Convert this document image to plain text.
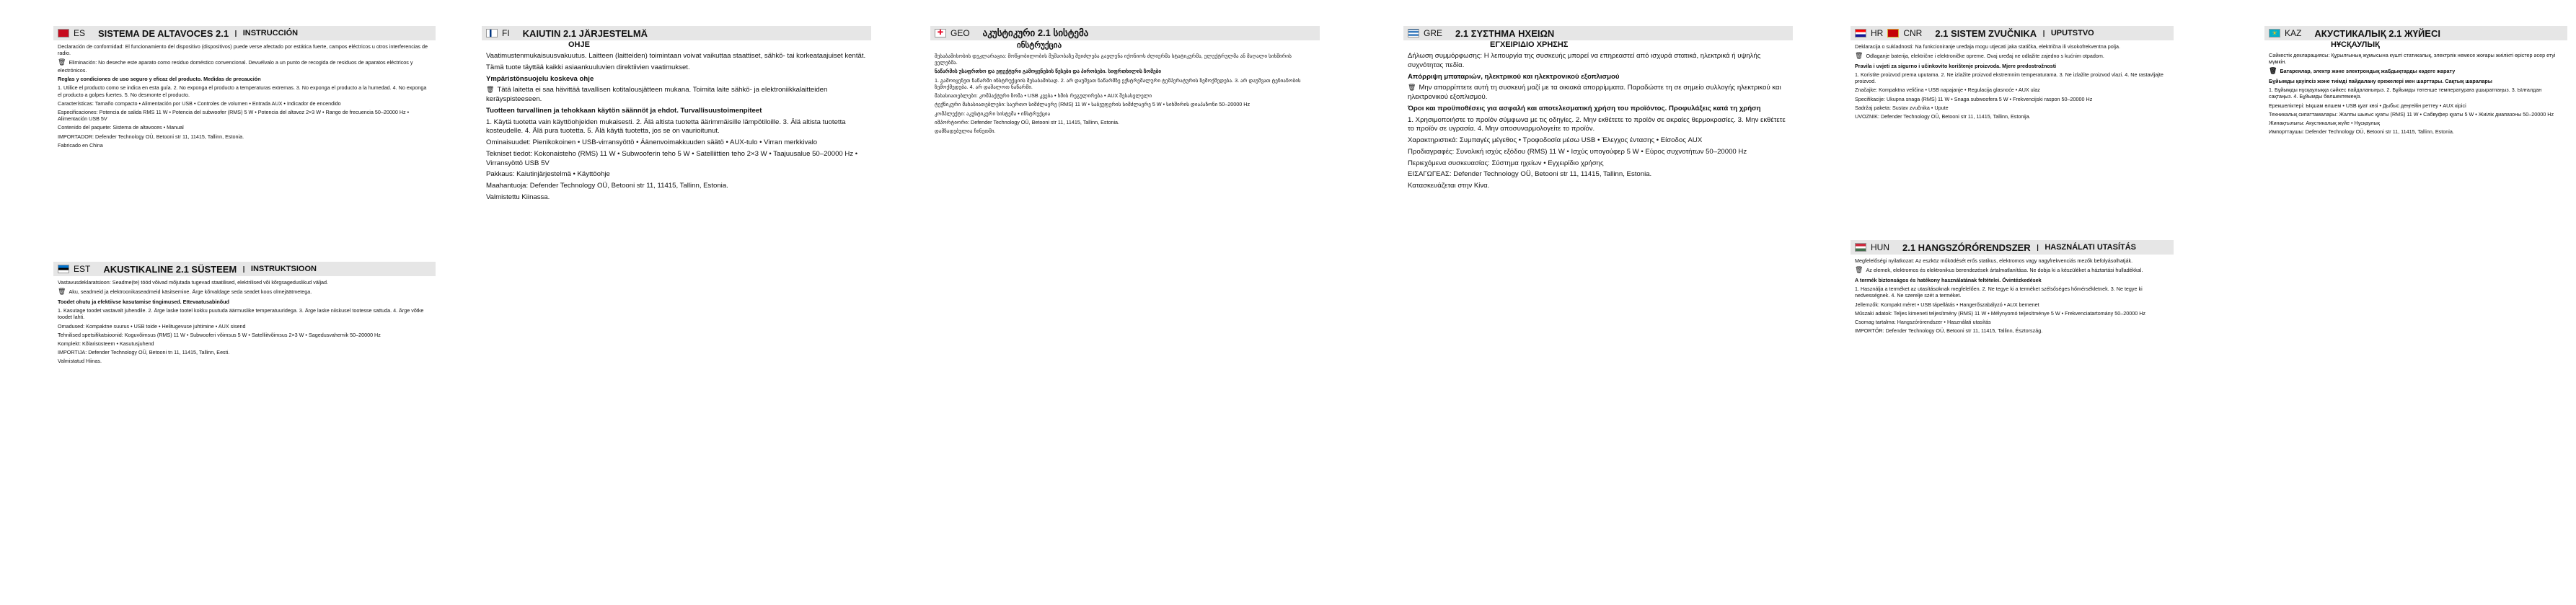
ES SISTEMA DE ALTAVOCES 2.1 I INSTRUCCIÓN

Declaración de conformidad: El funcionamiento del dispositivo (dispositivos) puede verse afectado por estática fuerte, campos eléctricos u otros interferencias de radio.

🗑 Eliminación: No deseche este aparato como residuo doméstico convencional. Devuélvalo a un punto de recogida de residuos de aparatos eléctricos y electrónicos.

Reglas y condiciones de uso seguro y eficaz del producto. Medidas de precaución

1. Utilice el producto como se indica en esta guía. 2. No exponga el producto a temperaturas extremas. 3. No exponga el producto a la humedad. 4. No exponga el producto a golpes fuertes. 5. No desmonte el producto.

Características: Tamaño compacto • Alimentación por USB • Controles de volumen • Entrada AUX • Indicador de encendido

Especificaciones: Potencia de salida RMS 11 W • Potencia del subwoofer (RMS) 5 W • Potencia del altavoz 2×3 W • Rango de frecuencia 50–20000 Hz • Alimentación USB 5V

Contenido del paquete: Sistema de altavoces • Manual

IMPORTADOR: Defender Technology OÜ, Betooni str 11, 11415, Tallinn, Estonia.

Fabricado en China

EST AKUSTIKALINE 2.1 SÜSTEEM I INSTRUKTSIOON

Vastavusdeklaratsioon: Seadme(te) tööd võivad mõjutada tugevad staatilised, elektrilised või kõrgsageduslikud väljad.

🗑 Aku, seadmeid ja elektroonikaseadmeid käsitsemine. Ärge kõrvaldage seda seadet koos olmejäätmetega.

Toodet ohutu ja efektiivse kasutamise tingimused. Ettevaatusabinõud

1. Kasutage toodet vastavalt juhendile. 2. Ärge laske tootel kokku puutuda äärmuslike temperatuuridega. 3. Ärge laske niiskusel tootesse sattuda. 4. Ärge võtke toodet lahti.

Omadused: Kompaktne suurus • USB toide • Helitugevuse juhtimine • AUX sisend

Tehnilised spetsifikatsioonid: Koguvõimsus (RMS) 11 W • Subwooferi võimsus 5 W • Satelliitvõimsus 2×3 W • Sagedusvahemik 50–20000 Hz

Komplekt: Kõlarisüsteem • Kasutusjuhend

IMPORTIJA: Defender Technology OÜ, Betooni tn 11, 11415, Tallinn, Eesti.

Valmistatud Hiinas.

FI KAIUTIN 2.1 JÄRJESTELMÄ
OHJE

Vaatimustenmukaisuusvakuutus. Laitteen (laitteiden) toimintaan voivat vaikuttaa staattiset, sähkö- tai korkeataajuiset kentät.

Tämä tuote täyttää kaikki asiaankuuluvien direktiivien vaatimukset.

Ympäristönsuojelu koskeva ohje

🗑 Tätä laitetta ei saa hävittää tavallisen kotitalousjätteen mukana. Toimita laite sähkö- ja elektroniikkalaitteiden keräyspisteeseen.

Tuotteen turvallinen ja tehokkaan käytön säännöt ja ehdot. Turvallisuustoimenpiteet

1. Käytä tuotetta vain käyttöohjeiden mukaisesti. 2. Älä altista tuotetta äärimmäisille lämpötiloille. 3. Älä altista tuotetta kosteudelle. 4. Älä pura tuotetta. 5. Älä käytä tuotetta, jos se on vaurioitunut.

Ominaisuudet: Pienikokoinen • USB-virransyöttö • Äänenvoimakkuuden säätö • AUX-tulo • Virran merkkivalo

Tekniset tiedot: Kokonaisteho (RMS) 11 W • Subwooferin teho 5 W • Satelliittien teho 2×3 W • Taajuusalue 50–20000 Hz • Virransyöttö USB 5V

Pakkaus: Kaiutinjärjestelmä • Käyttöohje

Maahantuoja: Defender Technology OÜ, Betooni str 11, 11415, Tallinn, Estonia.

Valmistettu Kiinassa.

✚ GEO აკუსტიკური 2.1 სისტემა
ინსტრუქცია

შესაბამისობის დეკლარაცია: მოწყობილობის მუშაობაზე შეიძლება გავლენა იქონიოს ძლიერმა სტატიკურმა, ელექტრულმა ან მაღალი სიხშირის ველებმა.

ნაწარმის უსაფრთხო და ეფექტური გამოყენების წესები და პირობები. სიფრთხილის ზომები

1. გამოიყენეთ ნაწარმი ინსტრუქციის შესაბამისად. 2. არ დაუშვათ ნაწარმზე ექსტრემალური ტემპერატურის ზემოქმედება. 3. არ დაუშვათ ტენიანობის ზემოქმედება. 4. არ დაშალოთ ნაწარმი.

მახასიათებლები: კომპაქტური ზომა • USB კვება • ხმის რეგულირება • AUX შესასვლელი

ტექნიკური მახასიათებლები: საერთო სიმძლავრე (RMS) 11 W • საბვუფერის სიმძლავრე 5 W • სიხშირის დიაპაზონი 50–20000 Hz

კომპლექტი: აკუსტიკური სისტემა • ინსტრუქცია

იმპორტიორი: Defender Technology OÜ, Betooni str 11, 11415, Tallinn, Estonia.

დამზადებულია ჩინეთში.

GRE 2.1 ΣΥΣΤΗΜΑ ΗΧΕΙΩΝ
ΕΓΧΕΙΡΙΔΙΟ ΧΡΗΣΗΣ

Δήλωση συμμόρφωσης: Η λειτουργία της συσκευής μπορεί να επηρεαστεί από ισχυρά στατικά, ηλεκτρικά ή υψηλής συχνότητας πεδία.

Απόρριψη μπαταριών, ηλεκτρικού και ηλεκτρονικού εξοπλισμού

🗑 Μην απορρίπτετε αυτή τη συσκευή μαζί με τα οικιακά απορρίμματα. Παραδώστε τη σε σημείο συλλογής ηλεκτρικού και ηλεκτρονικού εξοπλισμού.

Όροι και προϋποθέσεις για ασφαλή και αποτελεσματική χρήση του προϊόντος. Προφυλάξεις κατά τη χρήση

1. Χρησιμοποιήστε το προϊόν σύμφωνα με τις οδηγίες. 2. Μην εκθέτετε το προϊόν σε ακραίες θερμοκρασίες. 3. Μην εκθέτετε το προϊόν σε υγρασία. 4. Μην αποσυναρμολογείτε το προϊόν.

Χαρακτηριστικά: Συμπαγές μέγεθος • Τροφοδοσία μέσω USB • Έλεγχος έντασης • Είσοδος AUX

Προδιαγραφές: Συνολική ισχύς εξόδου (RMS) 11 W • Ισχύς υπογούφερ 5 W • Εύρος συχνοτήτων 50–20000 Hz

Περιεχόμενα συσκευασίας: Σύστημα ηχείων • Εγχειρίδιο χρήσης

ΕΙΣΑΓΩΓΕΑΣ: Defender Technology OÜ, Betooni str 11, 11415, Tallinn, Estonia.

Κατασκευάζεται στην Κίνα.

HR CNR 2.1 SISTEM ZVUČNIKA I UPUTSTVO

Deklaracija o sukladnosti: Na funkcioniranje uređaja mogu utjecati jaka statička, električna ili visokofrekventna polja.

🗑 Odlaganje baterija, električne i elektroničke opreme. Ovaj uređaj ne odlažite zajedno s kućnim otpadom.

Pravila i uvjeti za sigurno i učinkovito korištenje proizvoda. Mjere predostrožnosti

1. Koristite proizvod prema uputama. 2. Ne izlažite proizvod ekstremnim temperaturama. 3. Ne izlažite proizvod vlazi. 4. Ne rastavljajte proizvod.

Značajke: Kompaktna veličina • USB napajanje • Regulacija glasnoće • AUX ulaz

Specifikacije: Ukupna snaga (RMS) 11 W • Snaga subwoofera 5 W • Frekvencijski raspon 50–20000 Hz

Sadržaj paketa: Sustav zvučnika • Upute

UVOZNIK: Defender Technology OÜ, Betooni str 11, 11415, Tallinn, Estonija.

HUN 2.1 HANGSZÓRÓRENDSZER I HASZNÁLATI UTASÍTÁS

Megfelelőségi nyilatkozat: Az eszköz működését erős statikus, elektromos vagy nagyfrekvenciás mezők befolyásolhatják.

🗑 Az elemek, elektromos és elektronikus berendezések ártalmatlanítása. Ne dobja ki a készüléket a háztartási hulladékkal.

A termék biztonságos és hatékony használatának feltételei. Óvintézkedések

1. Használja a terméket az utasításoknak megfelelően. 2. Ne tegye ki a terméket szélsőséges hőmérsékletnek. 3. Ne tegye ki nedvességnek. 4. Ne szerelje szét a terméket.

Jellemzők: Kompakt méret • USB tápellátás • Hangerőszabályzó • AUX bemenet

Műszaki adatok: Teljes kimeneti teljesítmény (RMS) 11 W • Mélynyomó teljesítménye 5 W • Frekvenciatartomány 50–20000 Hz

Csomag tartalma: Hangszórórendszer • Használati utasítás

IMPORTŐR: Defender Technology OÜ, Betooni str 11, 11415, Tallinn, Észtország.

☀ KAZ АКУСТИКАЛЫҚ 2.1 ЖҮЙЕСІ
НҰСҚАУЛЫҚ

Сәйкестік декларациясы: Құрылғының жұмысына күшті статикалық, электрлік немесе жоғары жиілікті өрістер әсер етуі мүмкін.

🗑 Батареялар, электр және электрондық жабдықтарды кәдеге жарату

Бұйымды қауіпсіз және тиімді пайдалану ережелері мен шарттары. Сақтық шаралары

1. Бұйымды нұсқаулыққа сәйкес пайдаланыңыз. 2. Бұйымды төтенше температураға ұшыратпаңыз. 3. Ылғалдан сақтаңыз. 4. Бұйымды бөлшектемеңіз.

Ерекшеліктері: Ықшам өлшем • USB қуат көзі • Дыбыс деңгейін реттеу • AUX кірісі

Техникалық сипаттамалары: Жалпы шығыс қуаты (RMS) 11 W • Сабвуфер қуаты 5 W • Жиілік диапазоны 50–20000 Hz

Жинақтылығы: Акустикалық жүйе • Нұсқаулық

Импорттаушы: Defender Technology OÜ, Betooni str 11, 11415, Tallinn, Estonia.
